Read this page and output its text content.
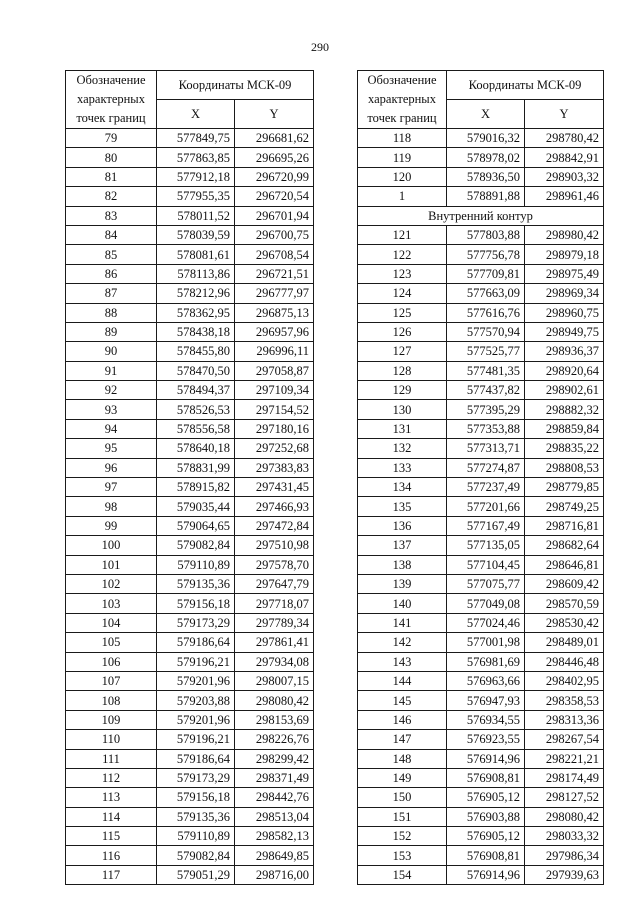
290
Обозначение характерных точек границ	Координаты МСК-09	
	X	Y
79	577849,75	296681,62
80	577863,85	296695,26
81	577912,18	296720,99
82	577955,35	296720,54
83	578011,52	296701,94
84	578039,59	296700,75
85	578081,61	296708,54
86	578113,86	296721,51
87	578212,96	296777,97
88	578362,95	296875,13
89	578438,18	296957,96
90	578455,80	296996,11
91	578470,50	297058,87
92	578494,37	297109,34
93	578526,53	297154,52
94	578556,58	297180,16
95	578640,18	297252,68
96	578831,99	297383,83
97	578915,82	297431,45
98	579035,44	297466,93
99	579064,65	297472,84
100	579082,84	297510,98
101	579110,89	297578,70
102	579135,36	297647,79
103	579156,18	297718,07
104	579173,29	297789,34
105	579186,64	297861,41
106	579196,21	297934,08
107	579201,96	298007,15
108	579203,88	298080,42
109	579201,96	298153,69
110	579196,21	298226,76
111	579186,64	298299,42
112	579173,29	298371,49
113	579156,18	298442,76
114	579135,36	298513,04
115	579110,89	298582,13
116	579082,84	298649,85
117	579051,29	298716,00
Обозначение характерных точек границ	Координаты МСК-09	
	X	Y
118	579016,32	298780,42
119	578978,02	298842,91
120	578936,50	298903,32
1	578891,88	298961,46
Внутренний контур		
121	577803,88	298980,42
122	577756,78	298979,18
123	577709,81	298975,49
124	577663,09	298969,34
125	577616,76	298960,75
126	577570,94	298949,75
127	577525,77	298936,37
128	577481,35	298920,64
129	577437,82	298902,61
130	577395,29	298882,32
131	577353,88	298859,84
132	577313,71	298835,22
133	577274,87	298808,53
134	577237,49	298779,85
135	577201,66	298749,25
136	577167,49	298716,81
137	577135,05	298682,64
138	577104,45	298646,81
139	577075,77	298609,42
140	577049,08	298570,59
141	577024,46	298530,42
142	577001,98	298489,01
143	576981,69	298446,48
144	576963,66	298402,95
145	576947,93	298358,53
146	576934,55	298313,36
147	576923,55	298267,54
148	576914,96	298221,21
149	576908,81	298174,49
150	576905,12	298127,52
151	576903,88	298080,42
152	576905,12	298033,32
153	576908,81	297986,34
154	576914,96	297939,63
